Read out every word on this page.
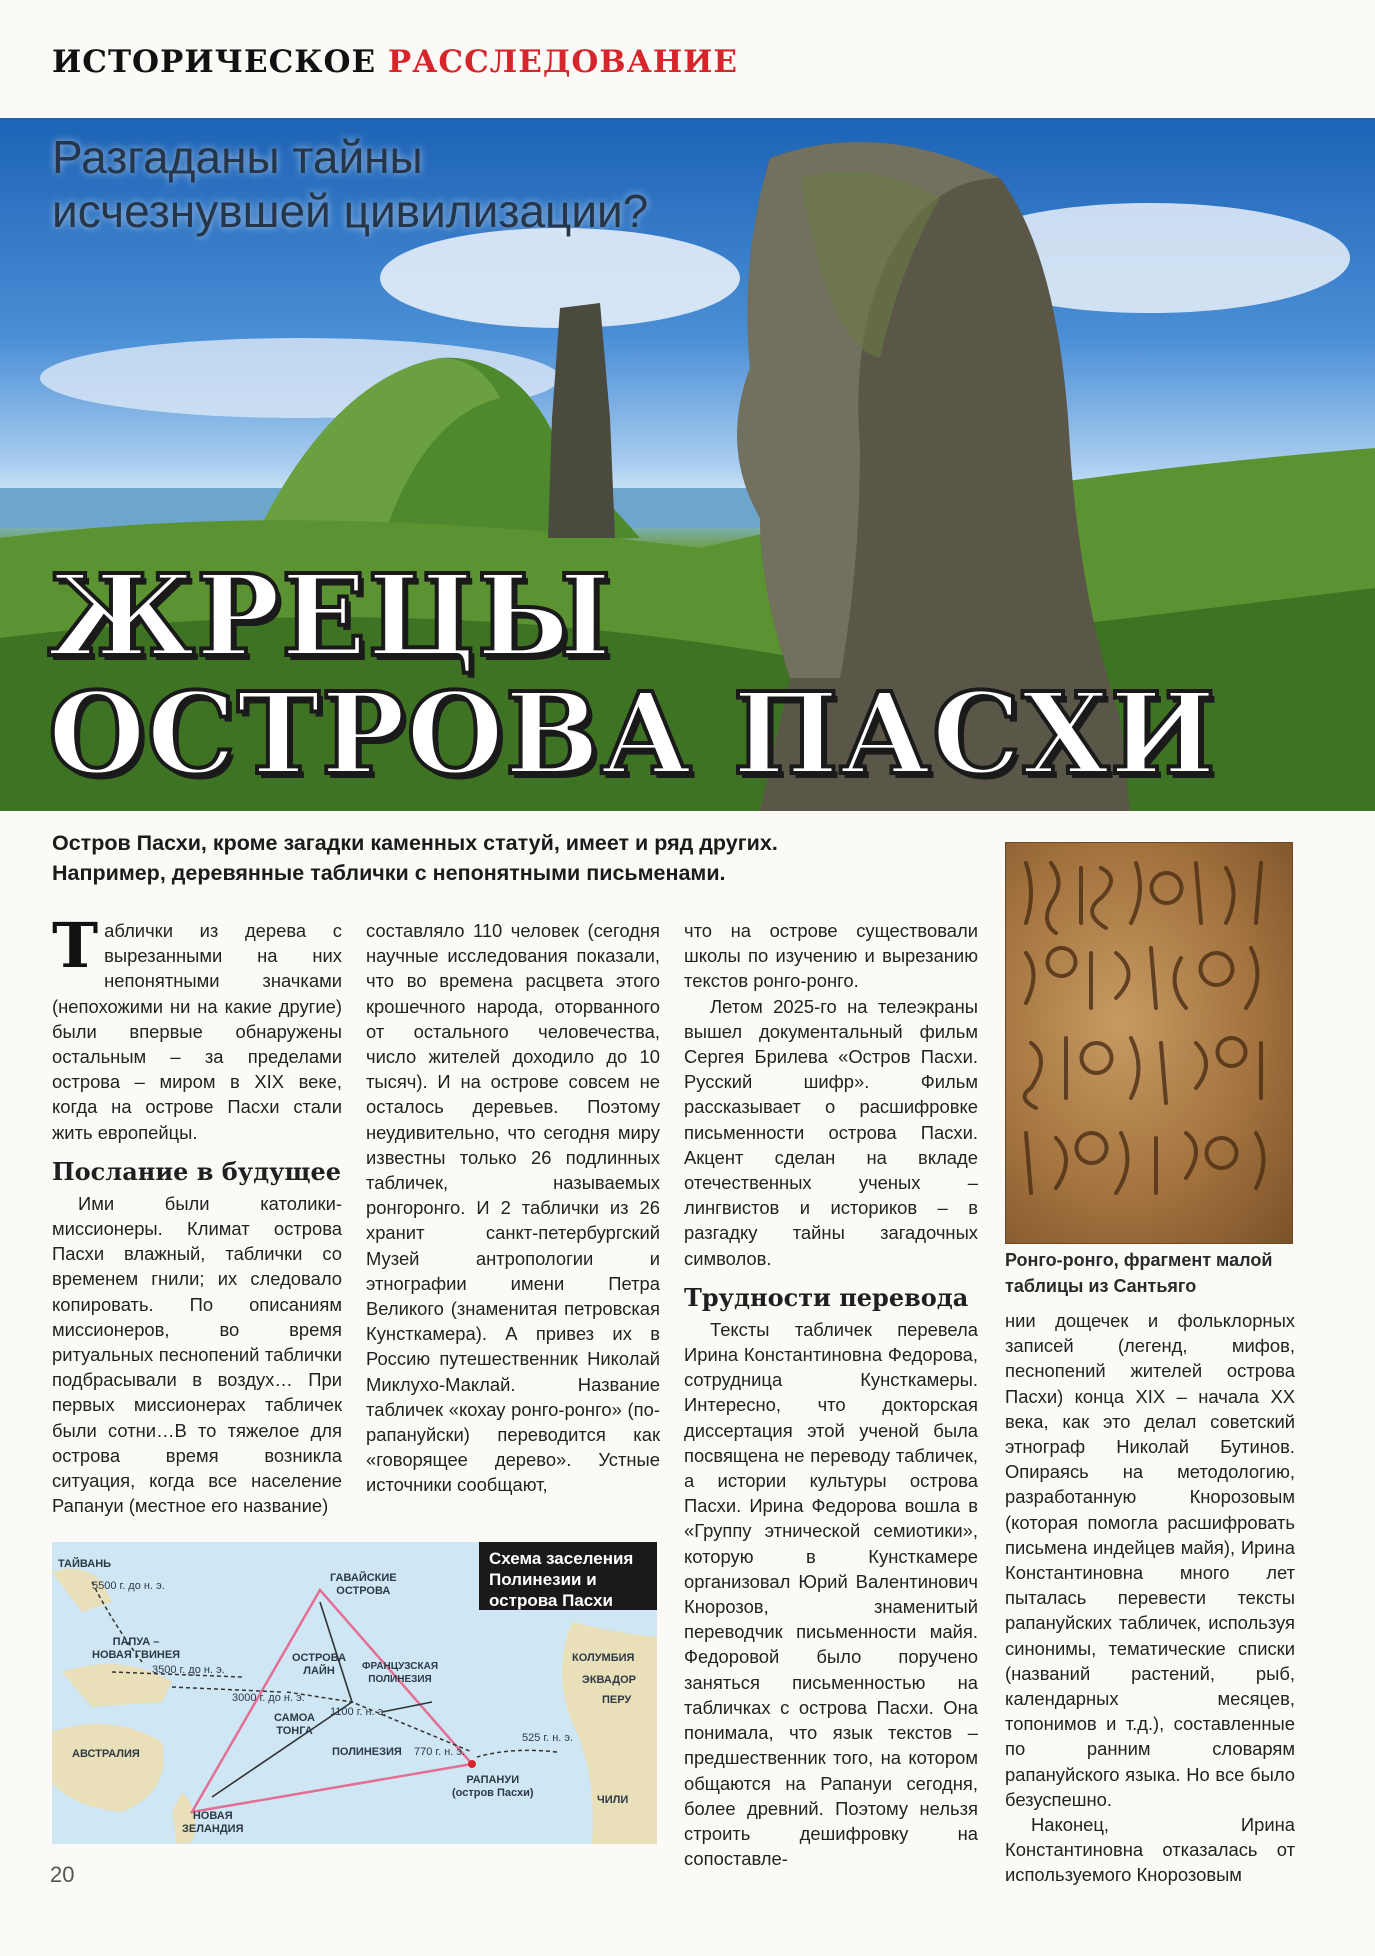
ИСТОРИЧЕСКОЕ РАССЛЕДОВАНИЕ
Разгаданы тайны
исчезнувшей цивилизации?
ЖРЕЦЫ
ОСТРОВА ПАСХИ
Остров Пасхи, кроме загадки каменных статуй, имеет и ряд других. Например, деревянные таблички с непонятными письменами.

Таблички из дерева с вырезанными на них непонятными значками (непохожими ни на какие другие) были впервые обнаружены остальным – за пределами острова – миром в XIX веке, когда на острове Пасхи стали жить европейцы.

Послание в будущее

Ими были католики-миссионеры. Климат острова Пасхи влажный, таблички со временем гнили; их следовало копировать. По описаниям миссионеров, во время ритуальных песнопений таблички подбрасывали в воздух… При первых миссионерах табличек были сотни…В то тяжелое для острова время возникла ситуация, когда все население Рапануи (местное его название)

составляло 110 человек (сегодня научные исследования показали, что во времена расцвета этого крошечного народа, оторванного от остального человечества, число жителей доходило до 10 тысяч). И на острове совсем не осталось деревьев. Поэтому неудивительно, что сегодня миру известны только 26 подлинных табличек, называемых ронгоронго. И 2 таблички из 26 хранит санкт-петербургский Музей антропологии и этнографии имени Петра Великого (знаменитая петровская Кунсткамера). А привез их в Россию путешественник Николай Миклухо-Маклай. Название табличек «кохау ронго-ронго» (по-рапануйски) переводится как «говорящее дерево». Устные источники сообщают,

что на острове существовали школы по изучению и вырезанию текстов ронго-ронго.

Летом 2025-го на телеэкраны вышел документальный фильм Сергея Брилева «Остров Пасхи. Русский шифр». Фильм рассказывает о расшифровке письменности острова Пасхи. Акцент сделан на вкладе отечественных ученых – лингвистов и историков – в разгадку тайны загадочных символов.

Трудности перевода

Тексты табличек перевела Ирина Константиновна Федорова, сотрудница Кунсткамеры. Интересно, что докторская диссертация этой ученой была посвящена не переводу табличек, а истории культуры острова Пасхи. Ирина Федорова вошла в «Группу этнической семиотики», которую в Кунсткамере организовал Юрий Валентинович Кнорозов, знаменитый переводчик письменности майя. Федоровой было поручено заняться письменностью на табличках с острова Пасхи. Она понимала, что язык текстов – предшественник того, на котором общаются на Рапануи сегодня, более древний. Поэтому нельзя строить дешифровку на сопоставле-

Ронго-ронго, фрагмент малой таблицы из Сантьяго

нии дощечек и фольклорных записей (легенд, мифов, песнопений жителей острова Пасхи) конца XIX – начала XX века, как это делал советский этнограф Николай Бутинов. Опираясь на методологию, разработанную Кнорозовым (которая помогла расшифровать письмена индейцев майя), Ирина Константиновна много лет пыталась перевести тексты рапануйских табличек, используя синонимы, тематические списки (названий растений, рыб, календарных месяцев, топонимов и т.д.), составленные по ранним словарям рапануйского языка. Но все было безуспешно.

Наконец, Ирина Константиновна отказалась от используемого Кнорозовым

ТАЙВАНЬ
5500 г. до н. э.
ПАПУА –
НОВАЯ ГВИНЕЯ
3500 г. до н. э.
3000 г. до н. э.
АВСТРАЛИЯ
САМОА
ТОНГА
ОСТРОВА
ЛАЙН
ГАВАЙСКИЕ
ОСТРОВА
ФРАНЦУЗСКАЯ
ПОЛИНЕЗИЯ
1100 г. н. э.
ПОЛИНЕЗИЯ 770 г. н. э.
РАПАНУИ
(остров Пасхи)
НОВАЯ
ЗЕЛАНДИЯ
КОЛУМБИЯ
ЭКВАДОР
ПЕРУ
525 г. н. э.
ЧИЛИ
Схема заселения Полинезии и острова Пасхи
20
